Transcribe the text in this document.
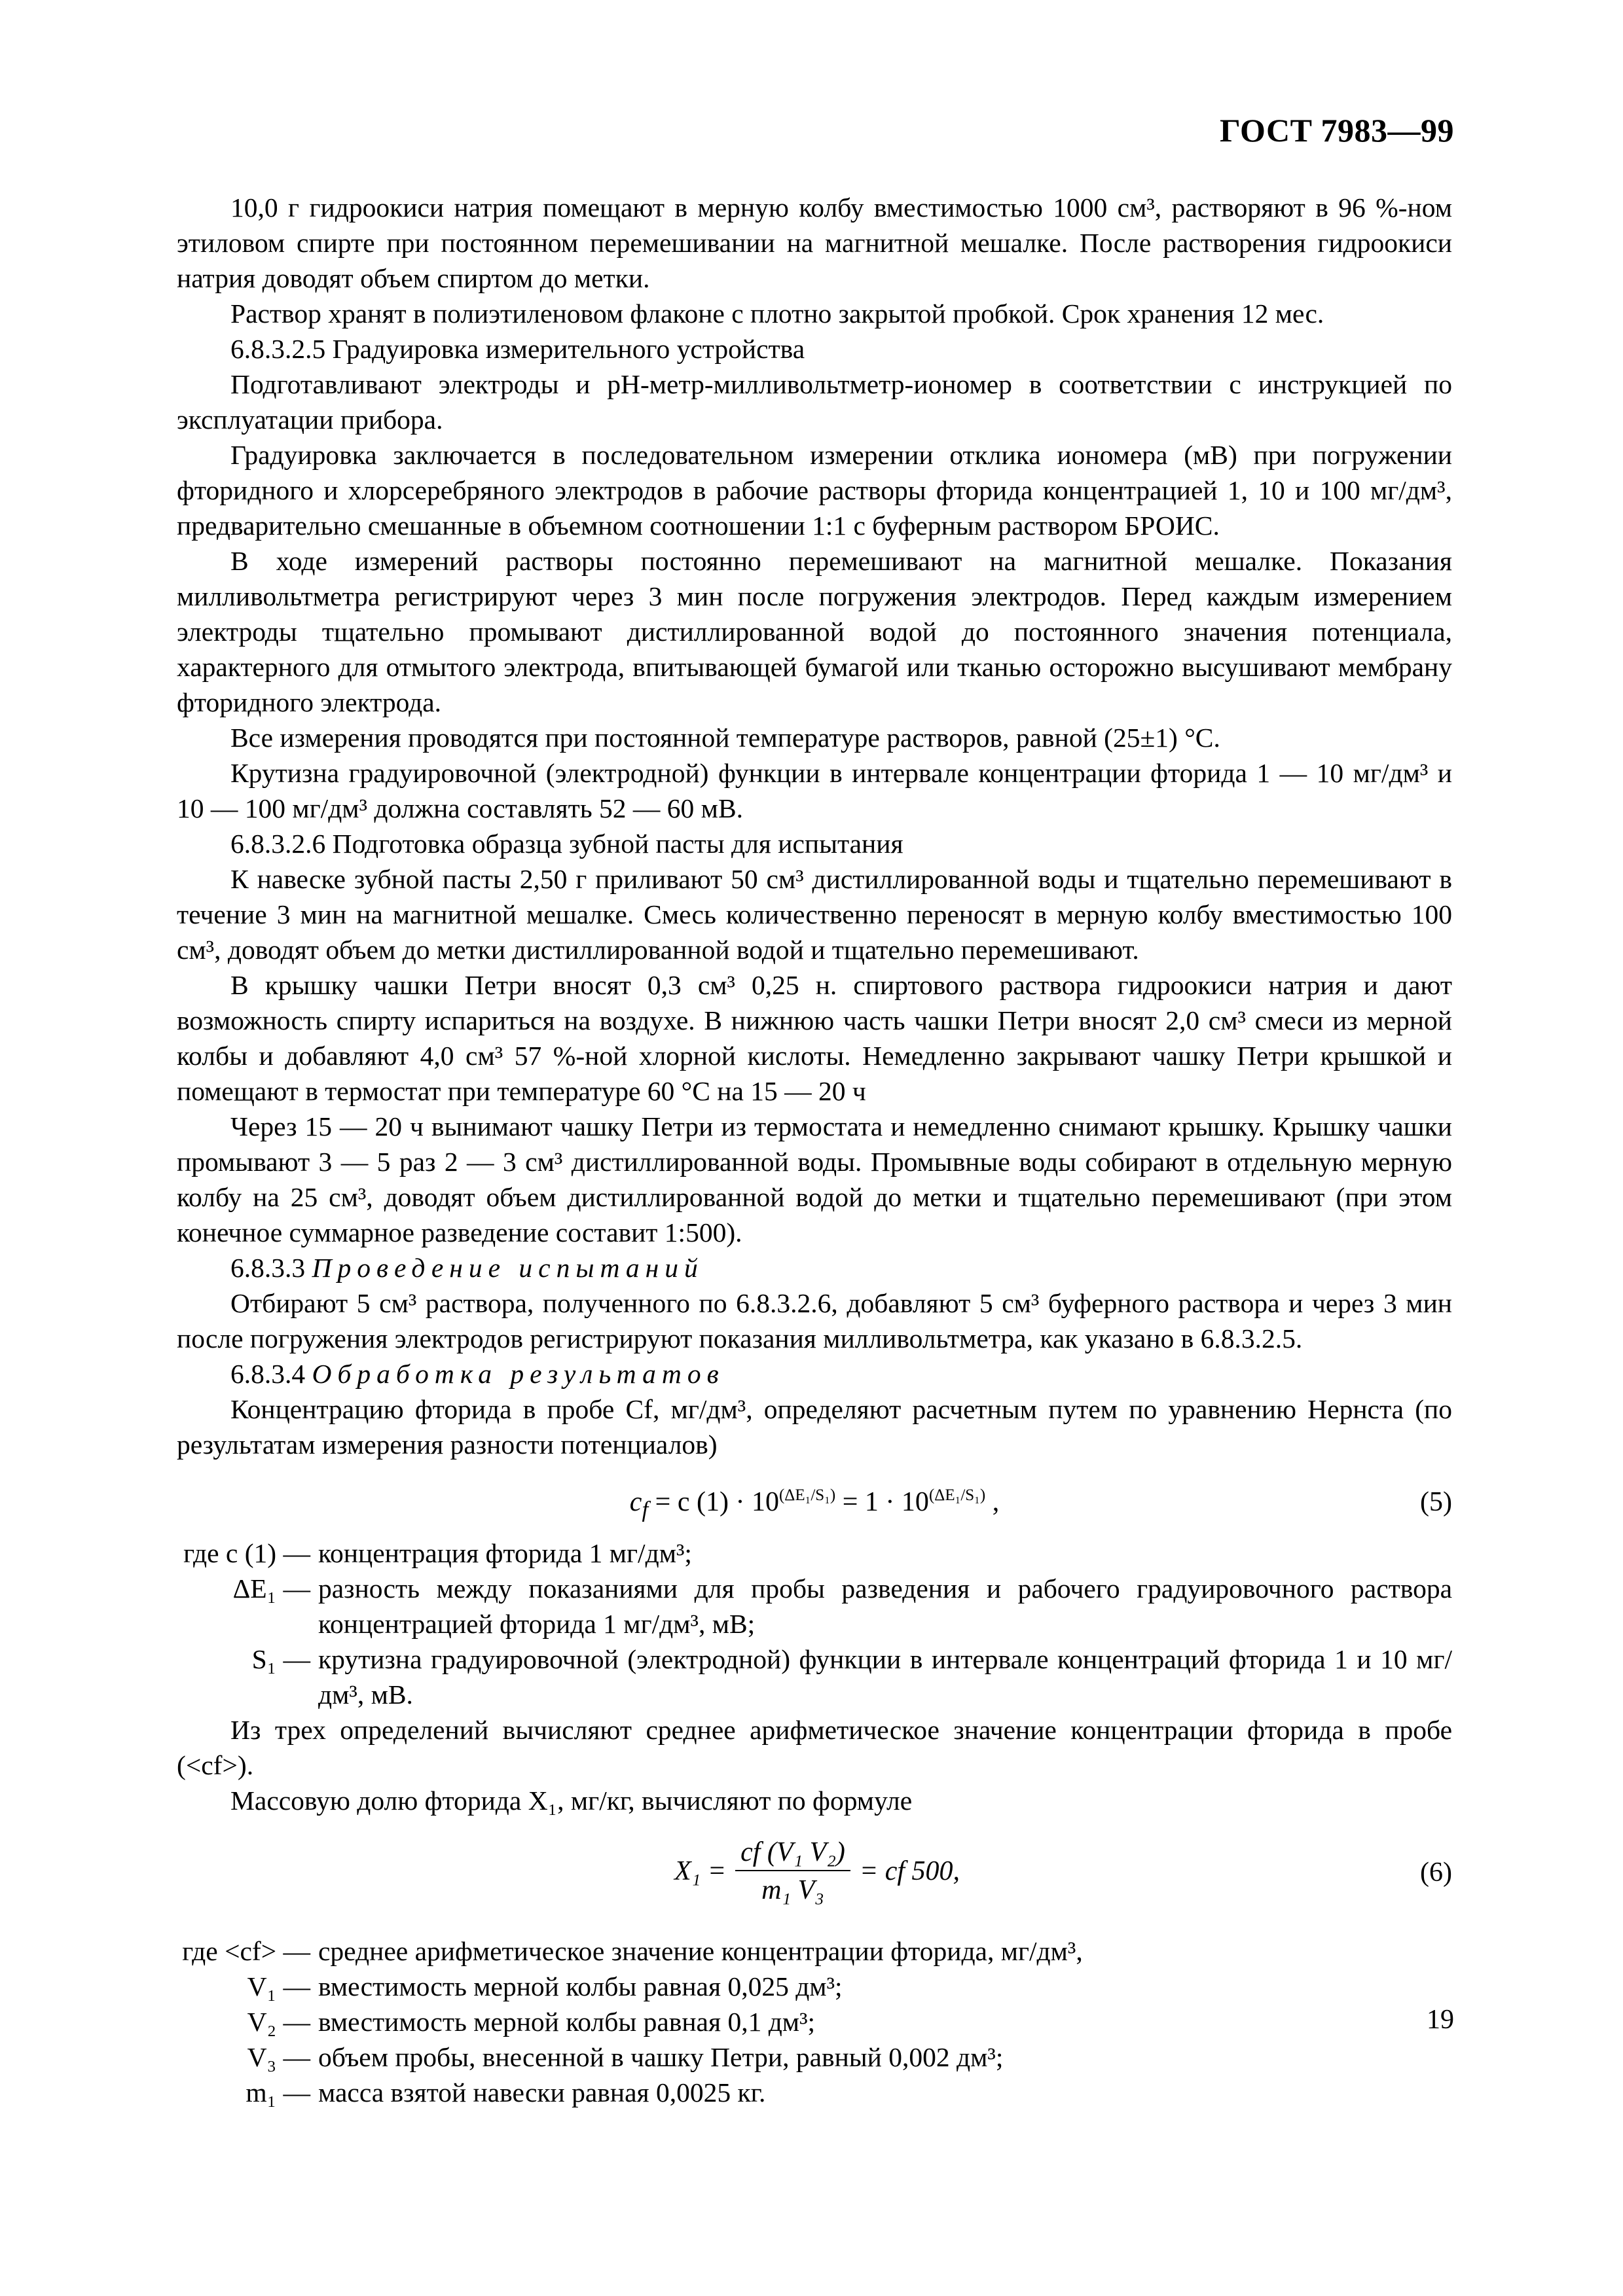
ГОСТ 7983—99

10,0 г гидроокиси натрия помещают в мерную колбу вместимостью 1000 см³, растворяют в 96 %-ном этиловом спирте при постоянном перемешивании на магнитной мешалке. После растворения гидроокиси натрия доводят объем спиртом до метки.

Раствор хранят в полиэтиленовом флаконе с плотно закрытой пробкой. Срок хранения 12 мес.

6.8.3.2.5 Градуировка измерительного устройства

Подготавливают электроды и pH-метр-милливольтметр-иономер в соответствии с инструкцией по эксплуатации прибора.

Градуировка заключается в последовательном измерении отклика иономера (мВ) при погружении фторидного и хлорсеребряного электродов в рабочие растворы фторида концентрацией 1, 10 и 100 мг/дм³, предварительно смешанные в объемном соотношении 1:1 с буферным раствором БРОИС.

В ходе измерений растворы постоянно перемешивают на магнитной мешалке. Показания милливольтметра регистрируют через 3 мин после погружения электродов. Перед каждым измерением электроды тщательно промывают дистиллированной водой до постоянного значения потенциала, характерного для отмытого электрода, впитывающей бумагой или тканью осторожно высушивают мембрану фторидного электрода.

Все измерения проводятся при постоянной температуре растворов, равной (25±1) °С.

Крутизна градуировочной (электродной) функции в интервале концентрации фторида 1 — 10 мг/дм³ и 10 — 100 мг/дм³ должна составлять 52 — 60 мВ.

6.8.3.2.6 Подготовка образца зубной пасты для испытания

К навеске зубной пасты 2,50 г приливают 50 см³ дистиллированной воды и тщательно перемешивают в течение 3 мин на магнитной мешалке. Смесь количественно переносят в мерную колбу вместимостью 100 см³, доводят объем до метки дистиллированной водой и тщательно перемешивают.

В крышку чашки Петри вносят 0,3 см³ 0,25 н. спиртового раствора гидроокиси натрия и дают возможность спирту испариться на воздухе. В нижнюю часть чашки Петри вносят 2,0 см³ смеси из мерной колбы и добавляют 4,0 см³ 57 %-ной хлорной кислоты. Немедленно закрывают чашку Петри крышкой и помещают в термостат при температуре 60 °С на 15 — 20 ч

Через 15 — 20 ч вынимают чашку Петри из термостата и немедленно снимают крышку. Крышку чашки промывают 3 — 5 раз 2 — 3 см³ дистиллированной воды. Промывные воды собирают в отдельную мерную колбу на 25 см³, доводят объем дистиллированной водой до метки и тщательно перемешивают (при этом конечное суммарное разведение составит 1:500).

6.8.3.3 Проведение испытаний

Отбирают 5 см³ раствора, полученного по 6.8.3.2.6, добавляют 5 см³ буферного раствора и через 3 мин после погружения электродов регистрируют показания милливольтметра, как указано в 6.8.3.2.5.

6.8.3.4 Обработка результатов

Концентрацию фторида в пробе Cf, мг/дм³, определяют расчетным путем по уравнению Нернста (по результатам измерения разности потенциалов)

$c_f = c$ $(1) \cdot 10^{(\Delta E_1/S_1)} = 1 \cdot 10^{(\Delta E_1/S_1)}$ ,	(5)
где c (1) — концентрация фторида 1 мг/дм³;
ΔE₁ — разность между показаниями для пробы разведения и рабочего градуировочного раствора концентрацией фторида 1 мг/дм³, мВ;
S₁ — крутизна градуировочной (электродной) функции в интервале концентраций фторида 1 и 10 мг/дм³, мВ.

Из трех определений вычисляют среднее арифметическое значение концентрации фторида в пробе (<cf>).

Массовую долю фторида X₁, мг/кг, вычисляют по формуле

$X_1 = \frac{\text{cf (V₁ V₂)}}{\text{m₁ V₃}}$ = cf 500,	(6)
где <cf> — среднее арифметическое значение концентрации фторида, мг/дм³,
V₁ — вместимость мерной колбы равная 0,025 дм³;
V₂ — вместимость мерной колбы равная 0,1 дм³;
V₃ — объем пробы, внесенной в чашку Петри, равный 0,002 дм³;
m₁ — масса взятой навески равная 0,0025 кг.
19
